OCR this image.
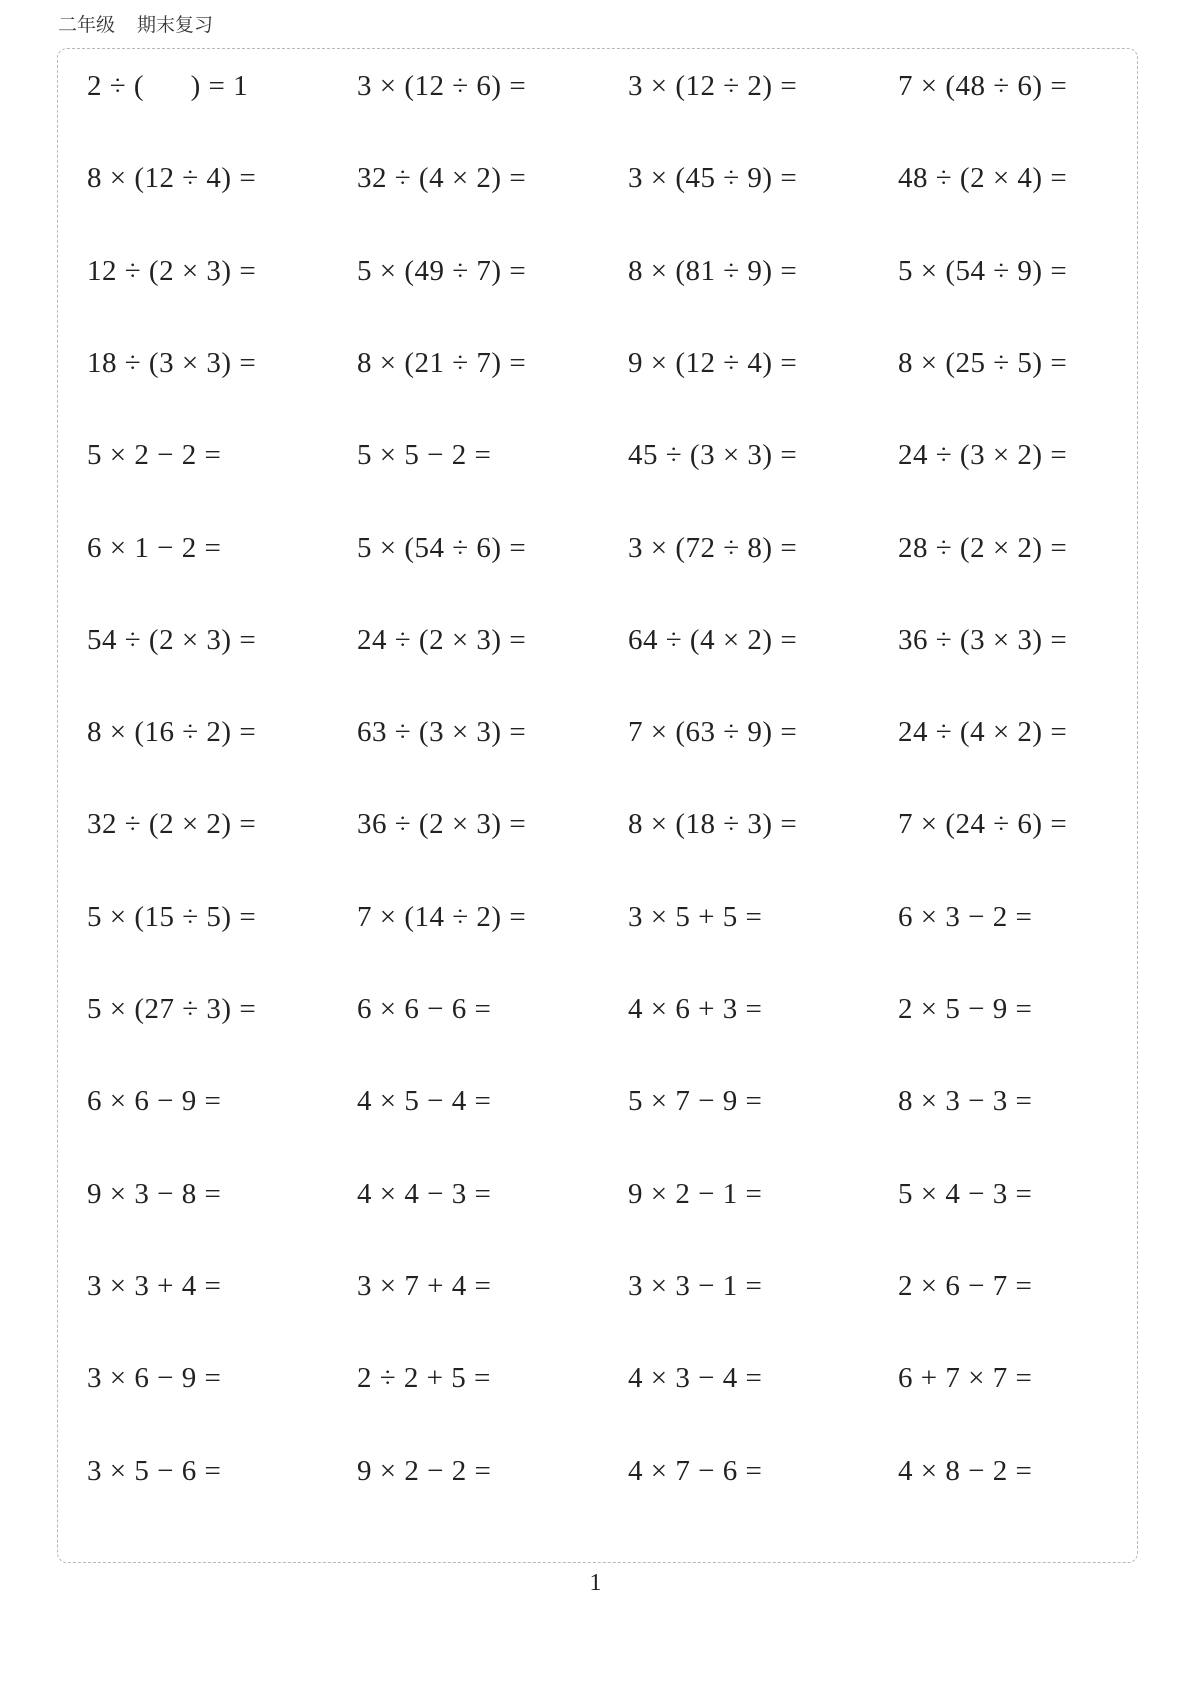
二年级 期末复习
2 ÷ (      ) = 1	3 × (12 ÷ 6) =	3 × (12 ÷ 2) =	7 × (48 ÷ 6) =
8 × (12 ÷ 4) =	32 ÷ (4 × 2) =	3 × (45 ÷ 9) =	48 ÷ (2 × 4) =
12 ÷ (2 × 3) =	5 × (49 ÷ 7) =	8 × (81 ÷ 9) =	5 × (54 ÷ 9) =
18 ÷ (3 × 3) =	8 × (21 ÷ 7) =	9 × (12 ÷ 4) =	8 × (25 ÷ 5) =
5 × 2 − 2 =	5 × 5 − 2 =	45 ÷ (3 × 3) =	24 ÷ (3 × 2) =
6 × 1 − 2 =	5 × (54 ÷ 6) =	3 × (72 ÷ 8) =	28 ÷ (2 × 2) =
54 ÷ (2 × 3) =	24 ÷ (2 × 3) =	64 ÷ (4 × 2) =	36 ÷ (3 × 3) =
8 × (16 ÷ 2) =	63 ÷ (3 × 3) =	7 × (63 ÷ 9) =	24 ÷ (4 × 2) =
32 ÷ (2 × 2) =	36 ÷ (2 × 3) =	8 × (18 ÷ 3) =	7 × (24 ÷ 6) =
5 × (15 ÷ 5) =	7 × (14 ÷ 2) =	3 × 5 + 5 =	6 × 3 − 2 =
5 × (27 ÷ 3) =	6 × 6 − 6 =	4 × 6 + 3 =	2 × 5 − 9 =
6 × 6 − 9 =	4 × 5 − 4 =	5 × 7 − 9 =	8 × 3 − 3 =
9 × 3 − 8 =	4 × 4 − 3 =	9 × 2 − 1 =	5 × 4 − 3 =
3 × 3 + 4 =	3 × 7 + 4 =	3 × 3 − 1 =	2 × 6 − 7 =
3 × 6 − 9 =	2 ÷ 2 + 5 =	4 × 3 − 4 =	6 + 7 × 7 =
3 × 5 − 6 =	9 × 2 − 2 =	4 × 7 − 6 =	4 × 8 − 2 =
1
